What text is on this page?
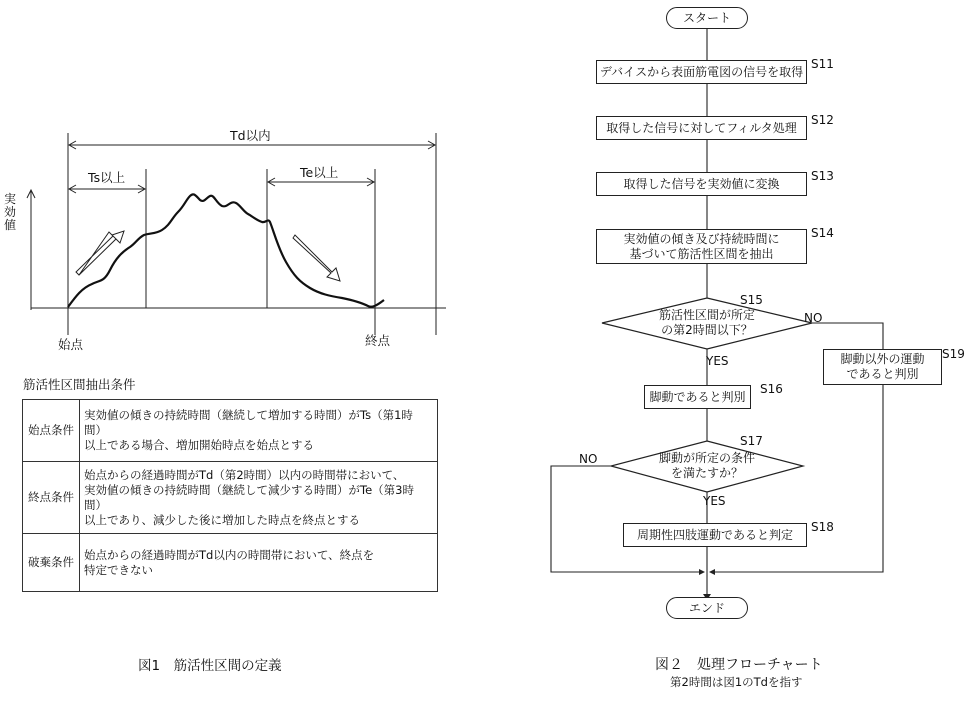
Td以内
Ts以上	Te以上
始点	終点
実
効
値
筋活性区間抽出条件
始点条件	実効値の傾きの持続時間（継続して増加する時間）がTs（第1時間）
以上である場合、増加開始時点を始点とする
終点条件	始点からの経過時間がTd（第2時間）以内の時間帯において、
実効値の傾きの持続時間（継続して減少する時間）がTe（第3時間）
以上であり、減少した後に増加した時点を終点とする
破棄条件	始点からの経過時間がTd以内の時間帯において、終点を
特定できない
図1　筋活性区間の定義
スタート
デバイスから表面筋電図の信号を取得
S11
取得した信号に対してフィルタ処理
S12
取得した信号を実効値に変換
S13
実効値の傾き及び持続時間に
基づいて筋活性区間を抽出
S14
筋活性区間が所定
の第2時間以下？
S15
NO
YES
脚動であると判別
S16
脚動以外の運動
であると判別
S19
脚動が所定の条件
を満たすか？
S17
NO
YES
周期性四肢運動であると判定
S18
エンド
図２　処理フローチャート
第2時間は図1のTdを指す
